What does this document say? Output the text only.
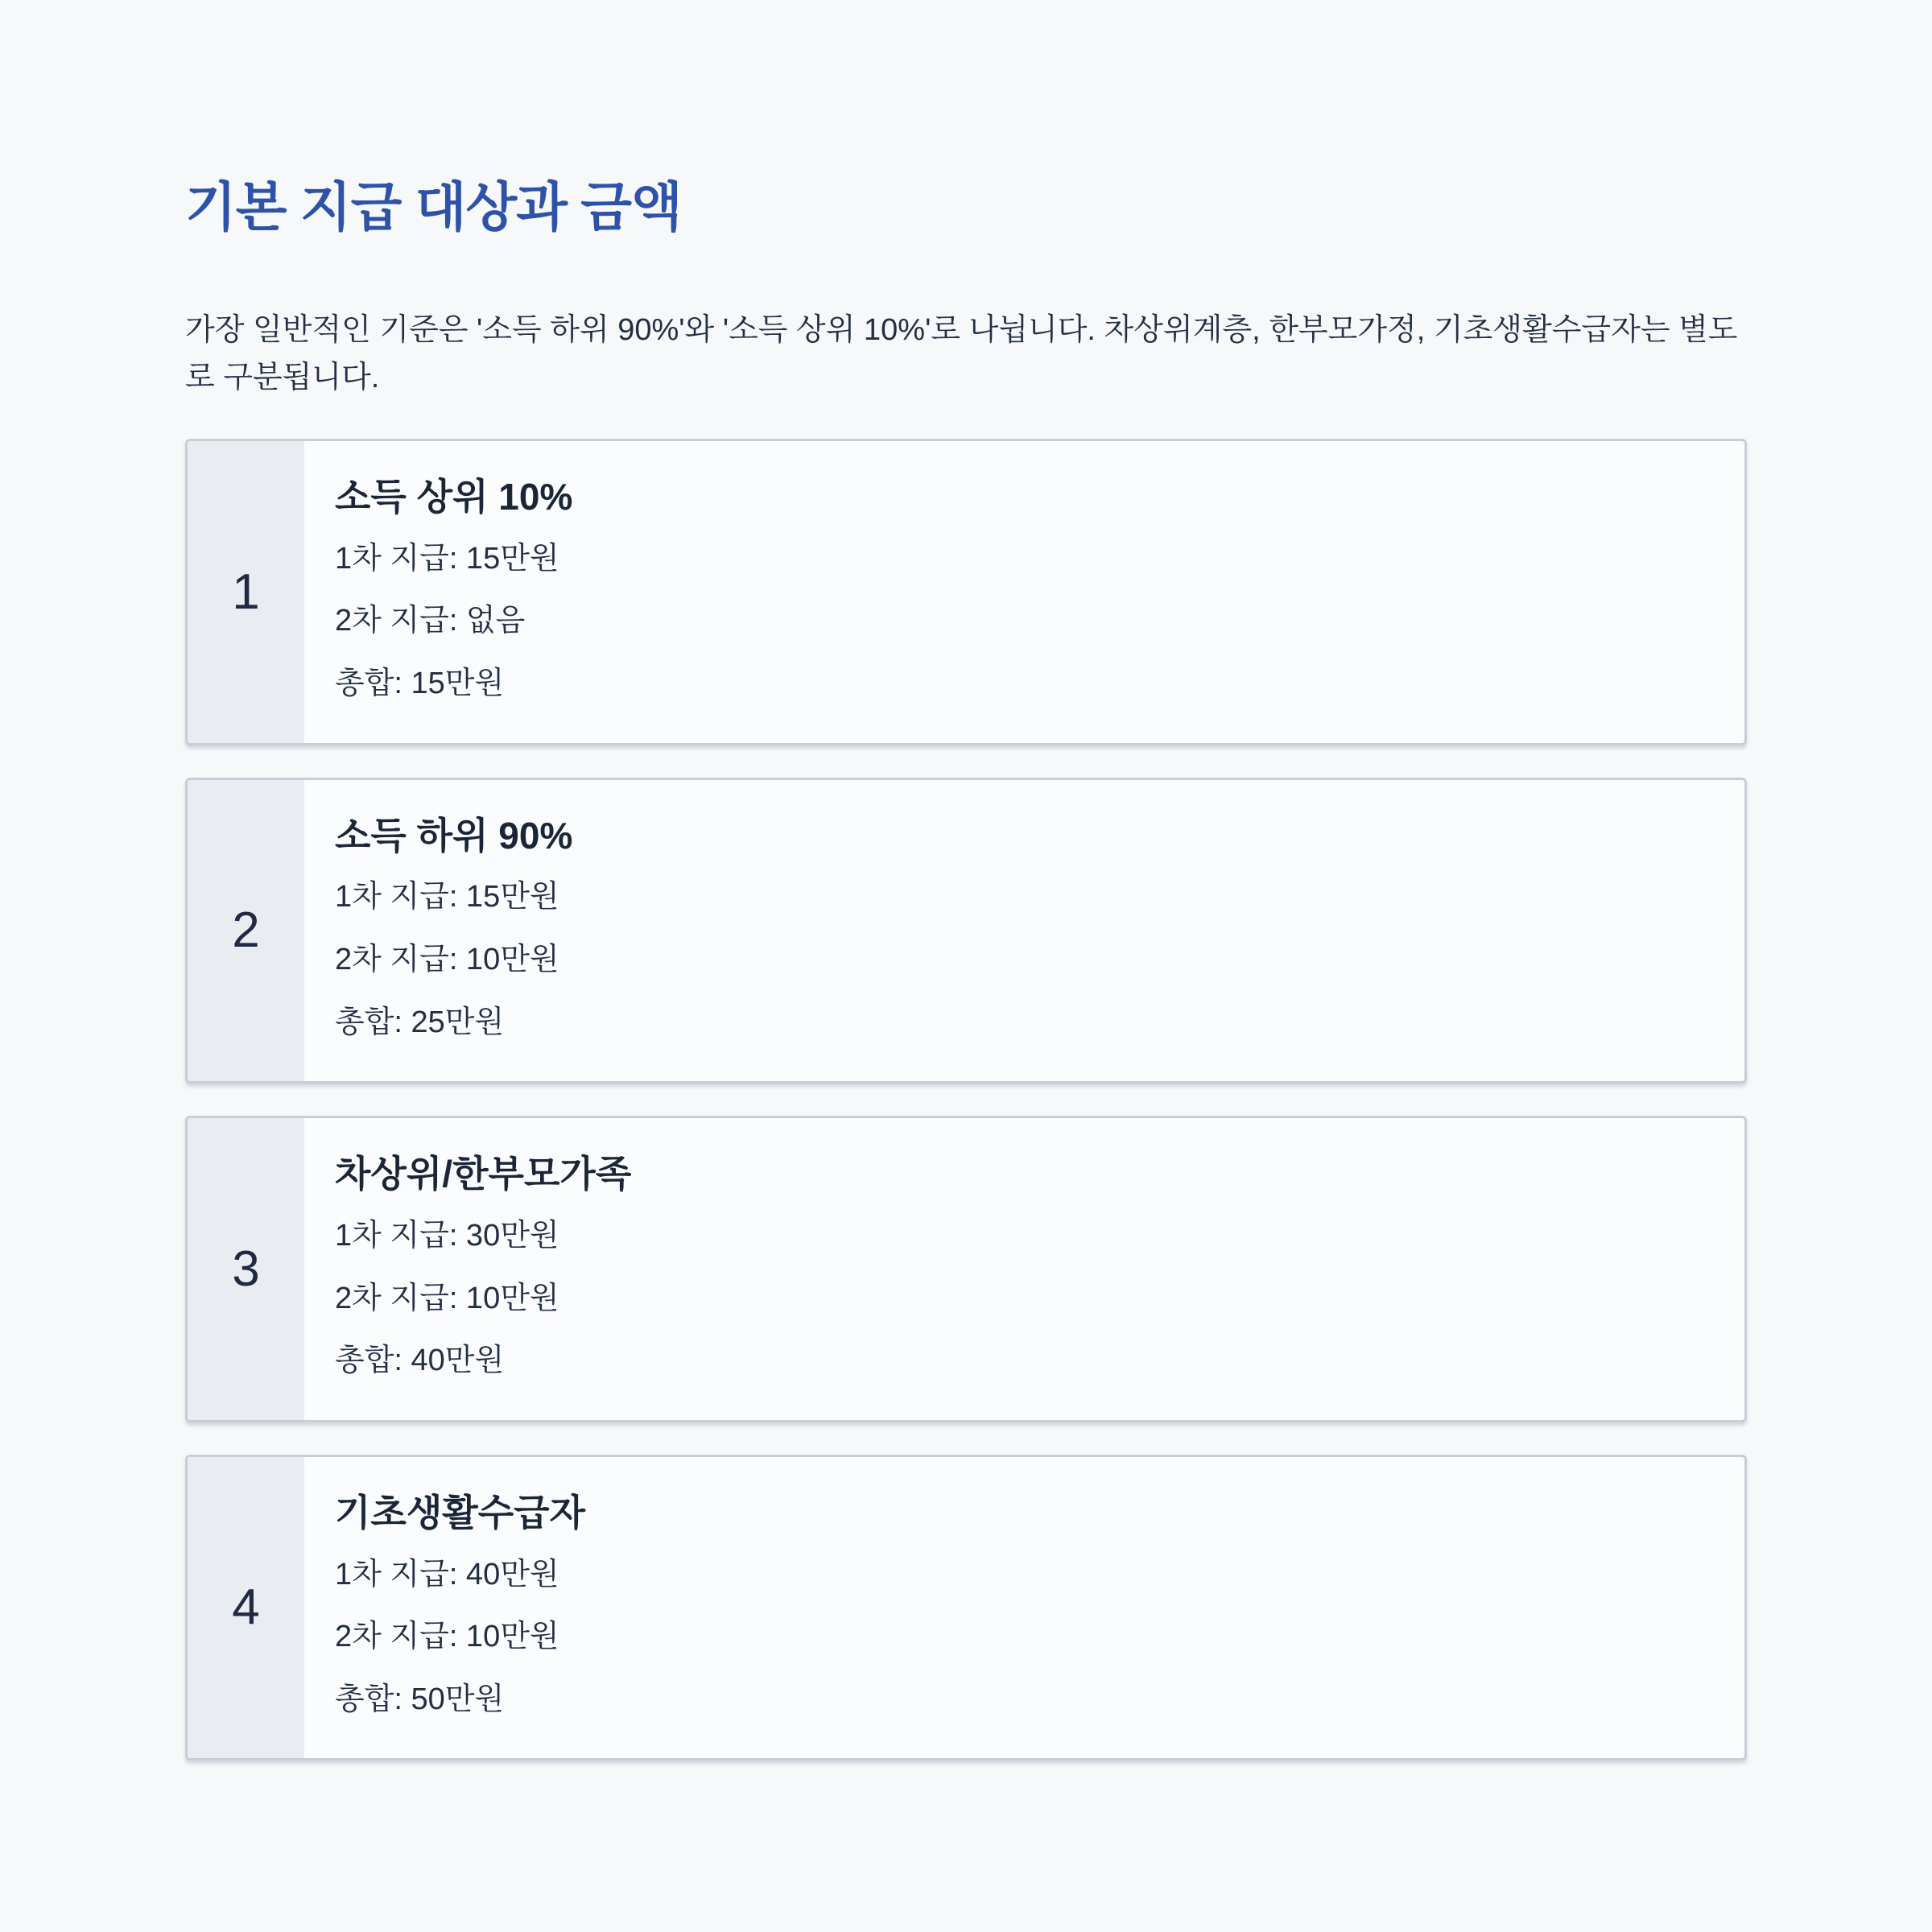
기본 지급 대상과 금액

가장 일반적인 기준은 '소득 하위 90%'와 '소득 상위 10%'로 나뉩니다. 차상위계층, 한부모가정, 기초생활수급자는 별도로 구분됩니다.

1
소득 상위 10%

1차 지급: 15만원

2차 지급: 없음

총합: 15만원

2
소득 하위 90%

1차 지급: 15만원

2차 지급: 10만원

총합: 25만원

3
차상위/한부모가족

1차 지급: 30만원

2차 지급: 10만원

총합: 40만원

4
기초생활수급자

1차 지급: 40만원

2차 지급: 10만원

총합: 50만원
